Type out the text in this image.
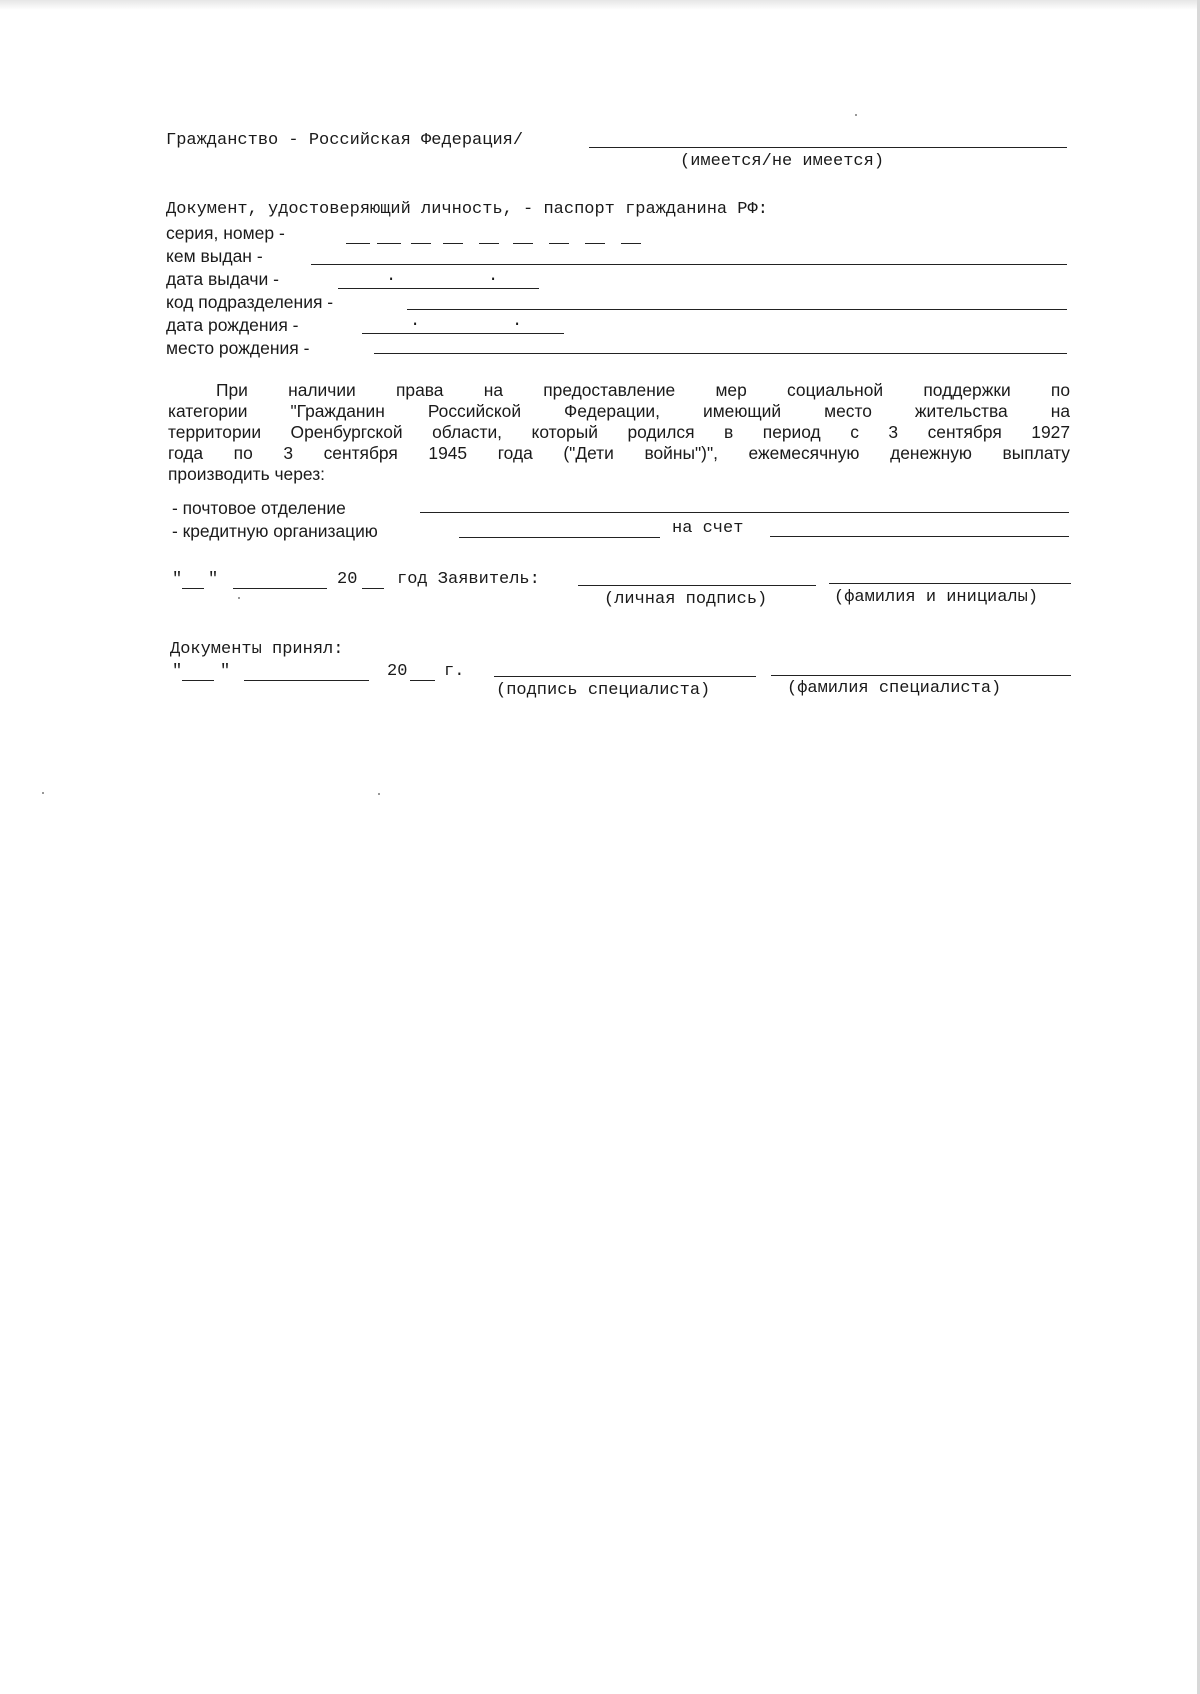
Гражданство - Российская Федерация/
(имеется/не имеется)
Документ, удостоверяющий личность, - паспорт гражданина РФ:
серия, номер -
кем выдан -
дата выдачи -	.         .
код подразделения -
дата рождения -	.         .
место рождения -
При наличии права на предоставление мер социальной поддержки по
категории "Гражданин Российской Федерации, имеющий место жительства на
территории Оренбургской области, который родился в период с 3 сентября 1927
года по 3 сентября 1945 года ("Дети войны")", ежемесячную денежную выплату
производить через:
- почтовое отделение
- кредитную организацию	на счет
" "	20 год Заявитель:
(личная подпись)	(фамилия и инициалы)
Документы принял:
" "	20 г.
(подпись специалиста)	(фамилия специалиста)
